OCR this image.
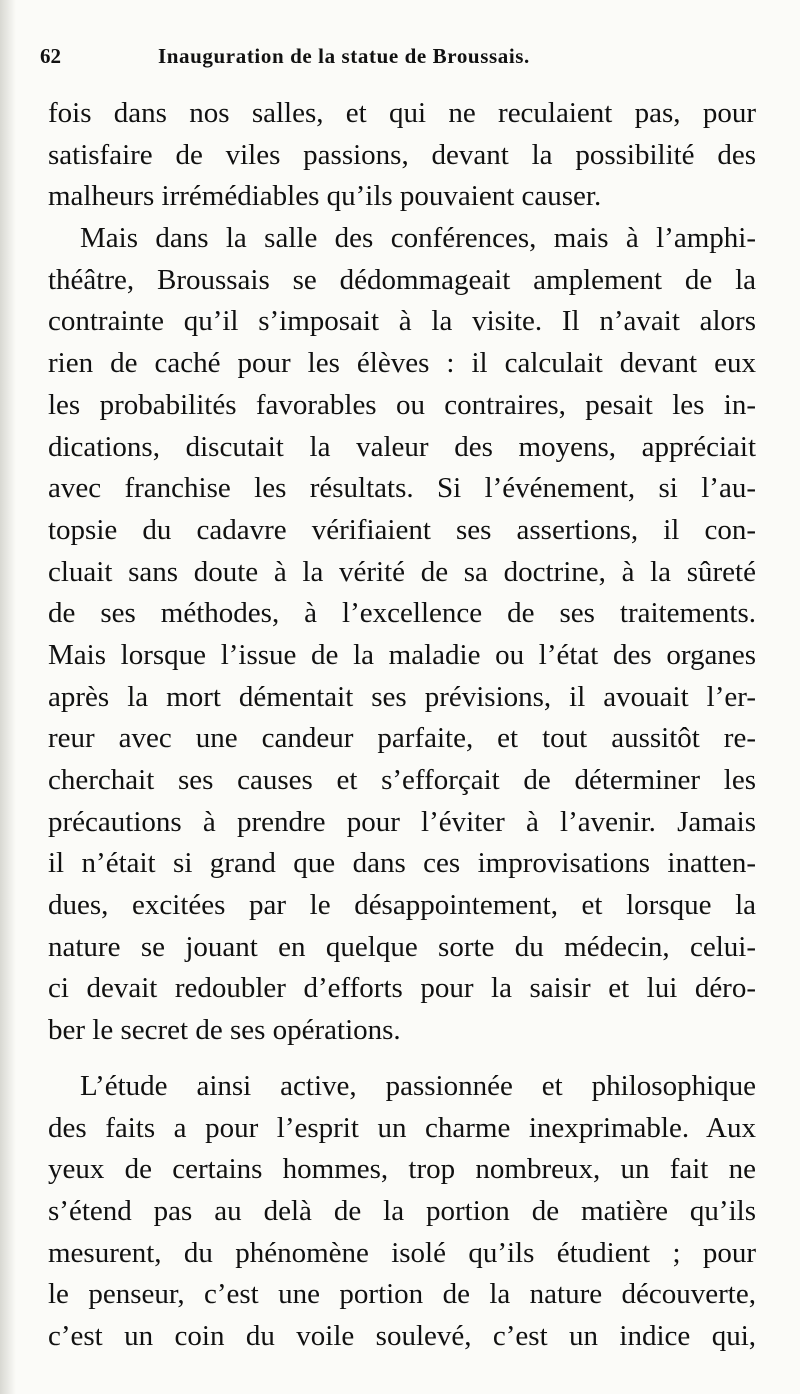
62	Inauguration de la statue de Broussais.
fois dans nos salles, et qui ne reculaient pas, pour
satisfaire de viles passions, devant la possibilité des
malheurs irrémédiables qu’ils pouvaient causer.
Mais dans la salle des conférences, mais à l’amphi-
théâtre, Broussais se dédommageait amplement de la
contrainte qu’il s’imposait à la visite. Il n’avait alors
rien de caché pour les élèves : il calculait devant eux
les probabilités favorables ou contraires, pesait les in-
dications, discutait la valeur des moyens, appréciait
avec franchise les résultats. Si l’événement, si l’au-
topsie du cadavre vérifiaient ses assertions, il con-
cluait sans doute à la vérité de sa doctrine, à la sûreté
de ses méthodes, à l’excellence de ses traitements.
Mais lorsque l’issue de la maladie ou l’état des organes
après la mort démentait ses prévisions, il avouait l’er-
reur avec une candeur parfaite, et tout aussitôt re-
cherchait ses causes et s’efforçait de déterminer les
précautions à prendre pour l’éviter à l’avenir. Jamais
il n’était si grand que dans ces improvisations inatten-
dues, excitées par le désappointement, et lorsque la
nature se jouant en quelque sorte du médecin, celui-
ci devait redoubler d’efforts pour la saisir et lui déro-
ber le secret de ses opérations.
L’étude ainsi active, passionnée et philosophique
des faits a pour l’esprit un charme inexprimable. Aux
yeux de certains hommes, trop nombreux, un fait ne
s’étend pas au delà de la portion de matière qu’ils
mesurent, du phénomène isolé qu’ils étudient ; pour
le penseur, c’est une portion de la nature découverte,
c’est un coin du voile soulevé, c’est un indice qui,
